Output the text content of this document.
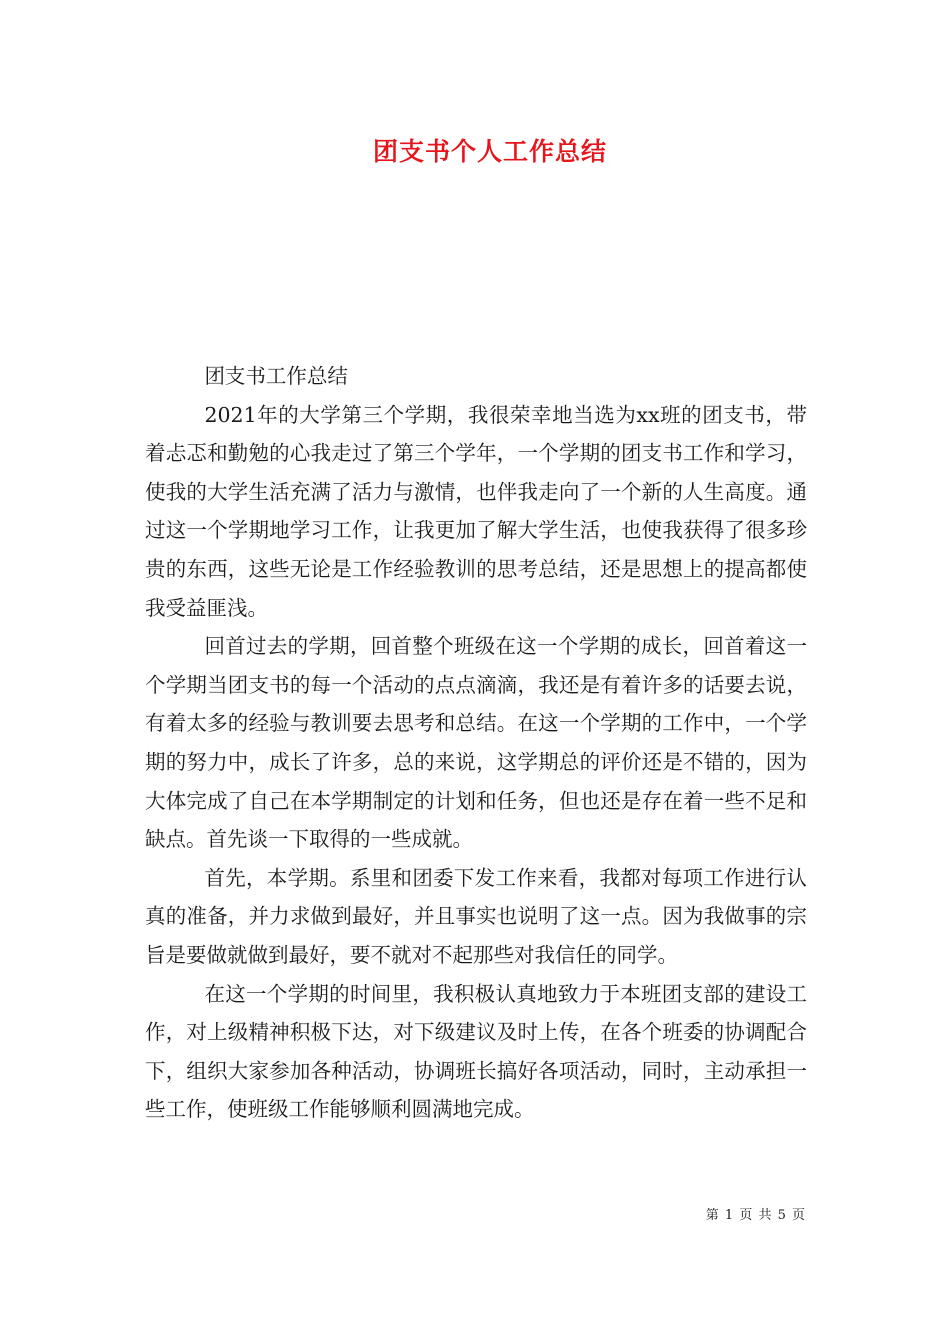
团支书个人工作总结

团支书工作总结

2021年的大学第三个学期，我很荣幸地当选为xx班的团支书，带着忐忑和勤勉的心我走过了第三个学年，一个学期的团支书工作和学习，使我的大学生活充满了活力与激情，也伴我走向了一个新的人生高度。通过这一个学期地学习工作，让我更加了解大学生活，也使我获得了很多珍贵的东西，这些无论是工作经验教训的思考总结，还是思想上的提高都使我受益匪浅。

回首过去的学期，回首整个班级在这一个学期的成长，回首着这一个学期当团支书的每一个活动的点点滴滴，我还是有着许多的话要去说，有着太多的经验与教训要去思考和总结。在这一个学期的工作中，一个学期的努力中，成长了许多，总的来说，这学期总的评价还是不错的，因为大体完成了自己在本学期制定的计划和任务，但也还是存在着一些不足和缺点。首先谈一下取得的一些成就。

首先，本学期。系里和团委下发工作来看，我都对每项工作进行认真的准备，并力求做到最好，并且事实也说明了这一点。因为我做事的宗旨是要做就做到最好，要不就对不起那些对我信任的同学。

在这一个学期的时间里，我积极认真地致力于本班团支部的建设工作，对上级精神积极下达，对下级建议及时上传，在各个班委的协调配合下，组织大家参加各种活动，协调班长搞好各项活动，同时，主动承担一些工作，使班级工作能够顺利圆满地完成。

第 1 页 共 5 页
